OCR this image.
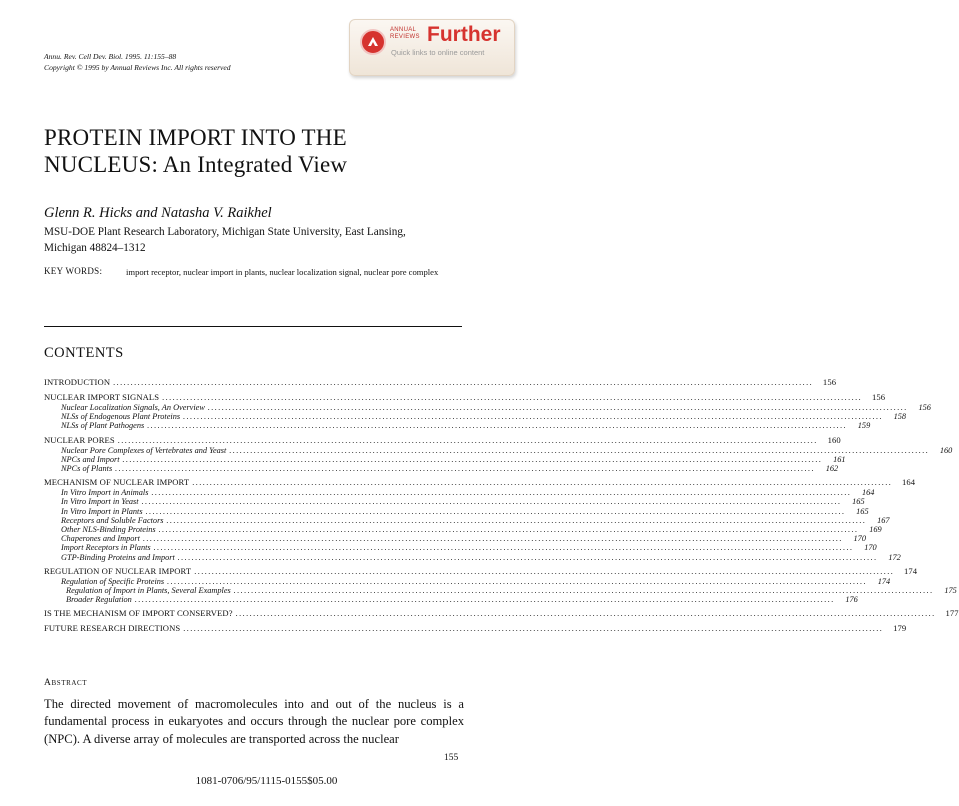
Annu. Rev. Cell Dev. Biol. 1995. 11:155–88
Copyright © 1995 by Annual Reviews Inc. All rights reserved
ANNUAL
REVIEWS Further
Quick links to online content
PROTEIN IMPORT INTO THE
NUCLEUS: An Integrated View
Glenn R. Hicks and Natasha V. Raikhel
MSU-DOE Plant Research Laboratory, Michigan State University, East Lansing,
Michigan 48824–1312
KEY WORDS:	import receptor, nuclear import in plants, nuclear localization signal, nuclear pore complex
CONTENTS
INTRODUCTION ........................................................................................................................................................................................................	156
NUCLEAR IMPORT SIGNALS ........................................................................................................................................................................................................	156
Nuclear Localization Signals, An Overview ........................................................................................................................................................................................................	156
NLSs of Endogenous Plant Proteins ........................................................................................................................................................................................................	158
NLSs of Plant Pathogens ........................................................................................................................................................................................................	159
NUCLEAR PORES ........................................................................................................................................................................................................	160
Nuclear Pore Complexes of Vertebrates and Yeast ........................................................................................................................................................................................................	160
NPCs and Import ........................................................................................................................................................................................................	161
NPCs of Plants ........................................................................................................................................................................................................	162
MECHANISM OF NUCLEAR IMPORT ........................................................................................................................................................................................................	164
In Vitro Import in Animals ........................................................................................................................................................................................................	164
In Vitro Import in Yeast ........................................................................................................................................................................................................	165
In Vitro Import in Plants ........................................................................................................................................................................................................	165
Receptors and Soluble Factors ........................................................................................................................................................................................................	167
Other NLS-Binding Proteins ........................................................................................................................................................................................................	169
Chaperones and Import ........................................................................................................................................................................................................	170
Import Receptors in Plants ........................................................................................................................................................................................................	170
GTP-Binding Proteins and Import ........................................................................................................................................................................................................	172
REGULATION OF NUCLEAR IMPORT ........................................................................................................................................................................................................	174
Regulation of Specific Proteins ........................................................................................................................................................................................................	174
Regulation of Import in Plants, Several Examples ........................................................................................................................................................................................................	175
Broader Regulation ........................................................................................................................................................................................................	176
IS THE MECHANISM OF IMPORT CONSERVED? ........................................................................................................................................................................................................	177
FUTURE RESEARCH DIRECTIONS ........................................................................................................................................................................................................	179
Abstract
The directed movement of macromolecules into and out of the nucleus is a fundamental process in eukaryotes and occurs through the nuclear pore complex (NPC). A diverse array of molecules are transported across the nuclear
155
1081-0706/95/1115-0155$05.00
